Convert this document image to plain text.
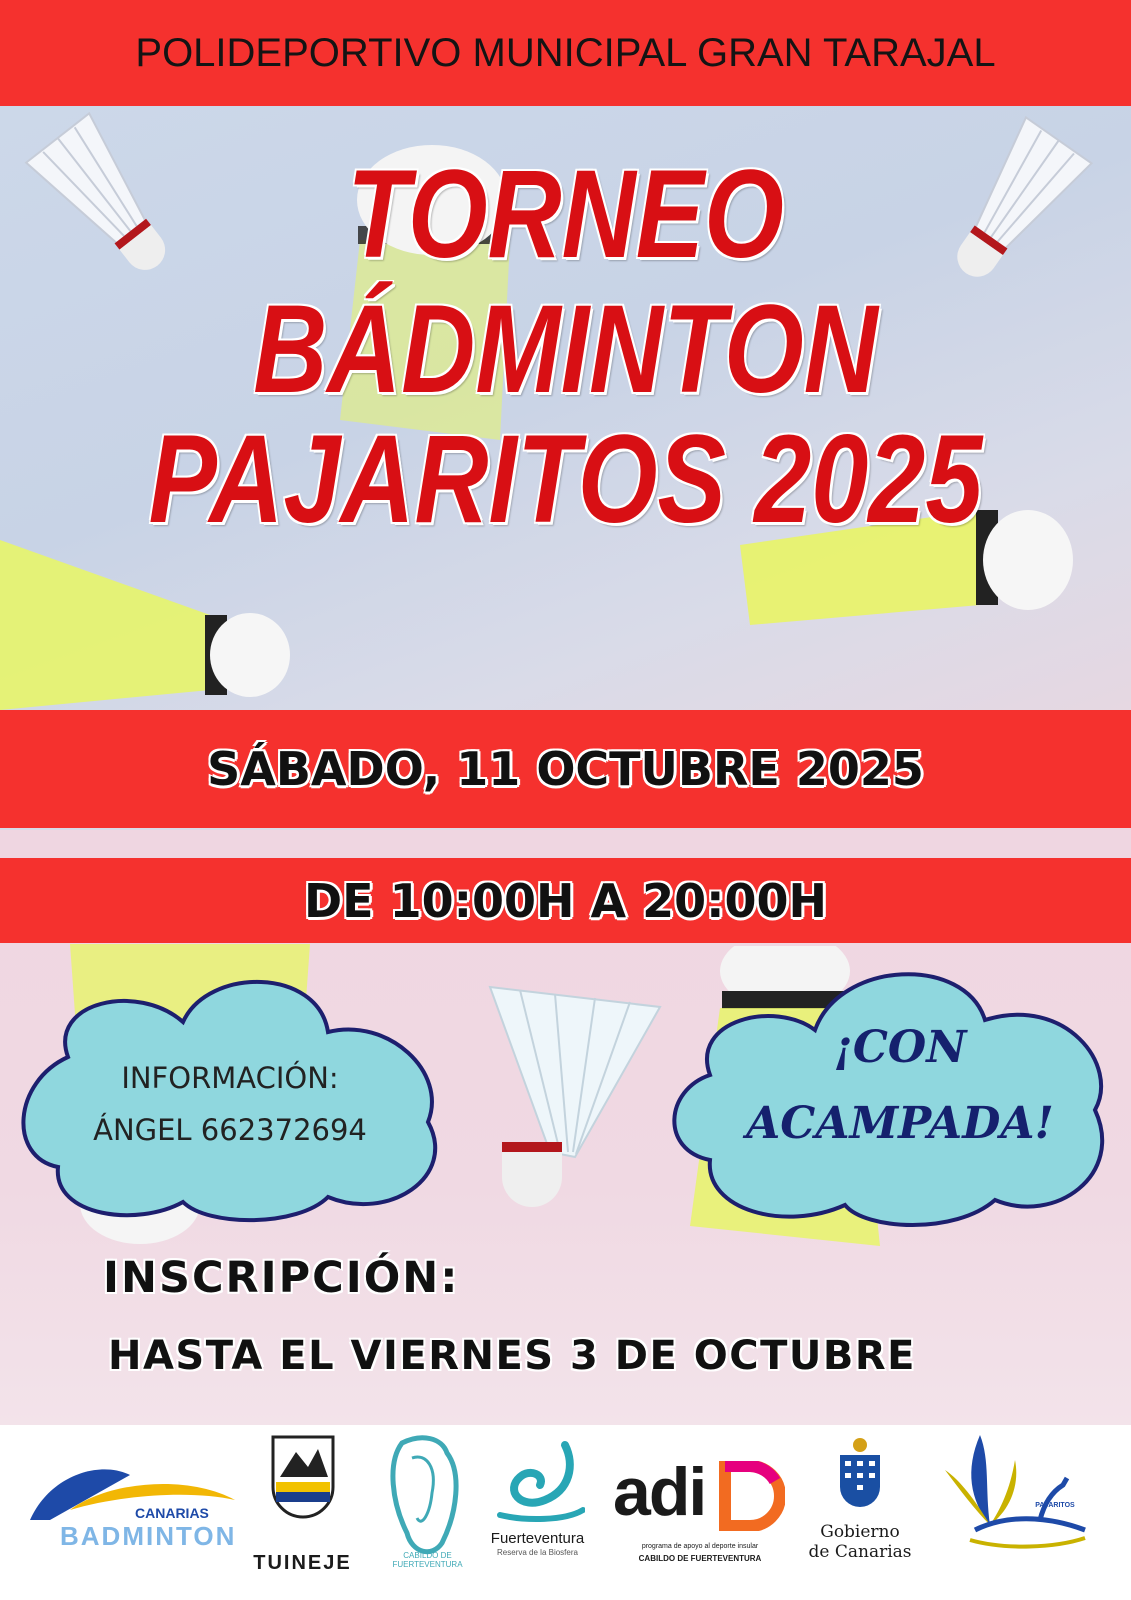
POLIDEPORTIVO MUNICIPAL GRAN TARAJAL
TORNEO
BÁDMINTON
PAJARITOS 2025
SÁBADO, 11 OCTUBRE 2025
DE 10:00H A 20:00H
INFORMACIÓN:
ÁNGEL 662372694
¡CON
ACAMPADA!
INSCRIPCIÓN:
HASTA EL VIERNES 3 DE OCTUBRE
CANARIAS
BADMINTON
TUINEJE	CABILDO DE FUERTEVENTURA
Fuerteventura
Reserva de la Biosfera
adi
programa de apoyo al deporte insular
CABILDO DE FUERTEVENTURA
Gobierno
de Canarias
PAJARITOS
